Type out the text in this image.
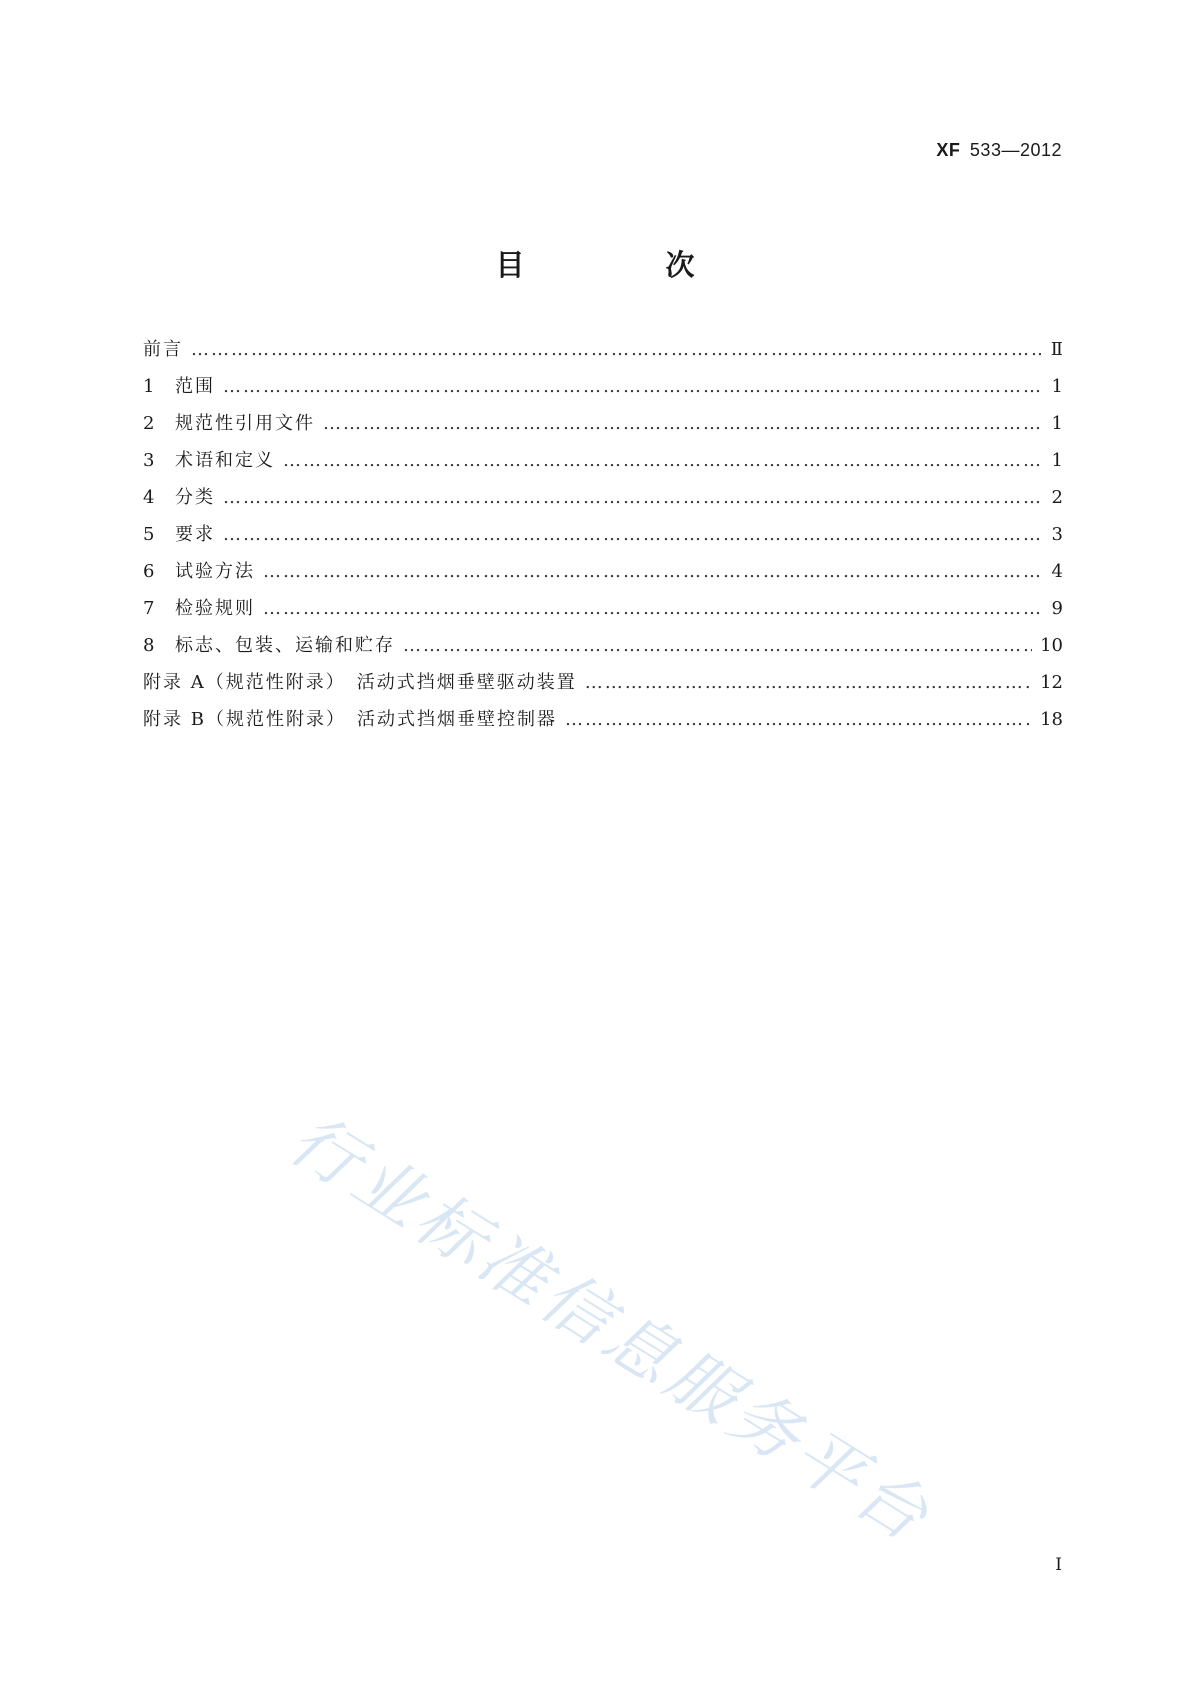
XF 533—2012
目　次
前言 ……………………………………………………………………………………………………………………………………………………………………………………………………………………………………	Ⅱ
1	范围 ……………………………………………………………………………………………………………………………………………………………………………………………………………………………………	1
2	规范性引用文件 ……………………………………………………………………………………………………………………………………………………………………………………………………………………………………	1
3	术语和定义 ……………………………………………………………………………………………………………………………………………………………………………………………………………………………………	1
4	分类 ……………………………………………………………………………………………………………………………………………………………………………………………………………………………………	2
5	要求 ……………………………………………………………………………………………………………………………………………………………………………………………………………………………………	3
6	试验方法 ……………………………………………………………………………………………………………………………………………………………………………………………………………………………………	4
7	检验规则 ……………………………………………………………………………………………………………………………………………………………………………………………………………………………………	9
8	标志、包装、运输和贮存 ……………………………………………………………………………………………………………………………………………………………………………………………………………………………………	10
附录 A（规范性附录）　活动式挡烟垂壁驱动装置 ……………………………………………………………………………………………………………………………………………………………………………………………………………………………………	12
附录 B（规范性附录）　活动式挡烟垂壁控制器 ……………………………………………………………………………………………………………………………………………………………………………………………………………………………………	18
行业标准信息服务平台
Ⅰ
